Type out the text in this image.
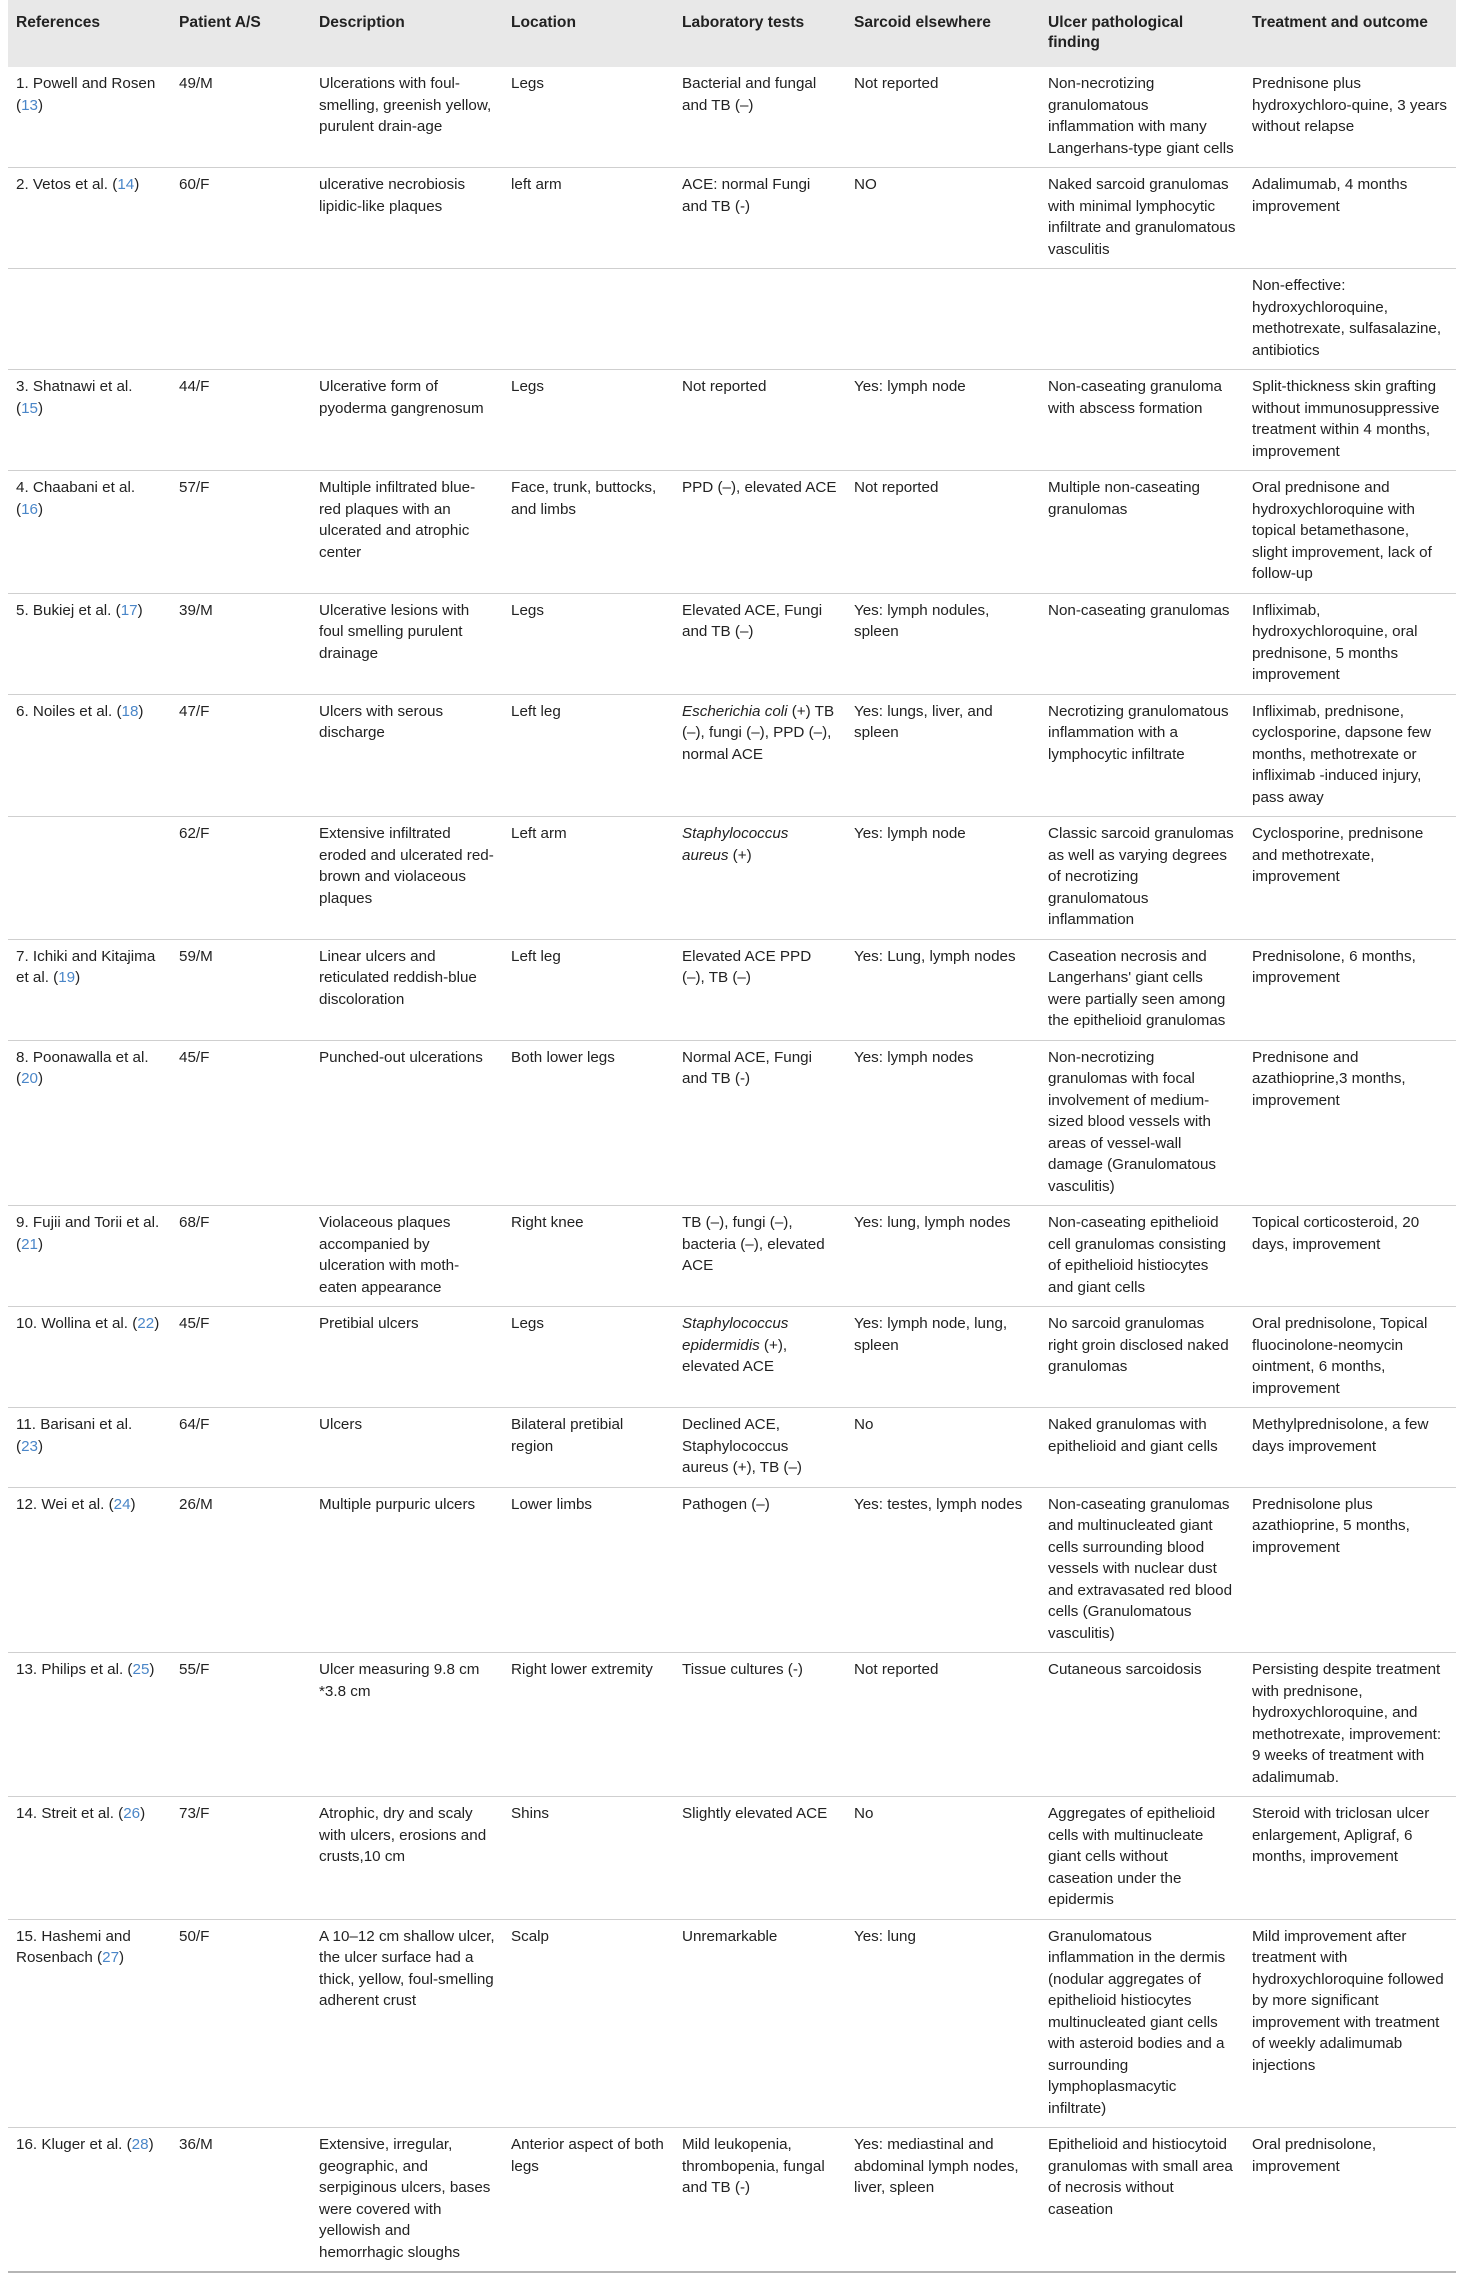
References	Patient A/S	Description	Location	Laboratory tests	Sarcoid elsewhere	Ulcer pathological finding	Treatment and outcome
1. Powell and Rosen (13)	49/M	Ulcerations with foul-smelling, greenish yellow, purulent drain-age	Legs	Bacterial and fungal and TB (–)	Not reported	Non-necrotizing granulomatous inflammation with many Langerhans-type giant cells	Prednisone plus hydroxychloro-quine, 3 years without relapse
2. Vetos et al. (14)	60/F	ulcerative necrobiosis lipidic-like plaques	left arm	ACE: normal Fungi and TB (-)	NO	Naked sarcoid granulomas with minimal lymphocytic infiltrate and granulomatous vasculitis	Adalimumab, 4 months improvement
							Non-effective: hydroxychloroquine, methotrexate, sulfasalazine, antibiotics
3. Shatnawi et al. (15)	44/F	Ulcerative form of pyoderma gangrenosum	Legs	Not reported	Yes: lymph node	Non-caseating granuloma with abscess formation	Split-thickness skin grafting without immunosuppressive treatment within 4 months, improvement
4. Chaabani et al. (16)	57/F	Multiple infiltrated blue-red plaques with an ulcerated and atrophic center	Face, trunk, buttocks, and limbs	PPD (–), elevated ACE	Not reported	Multiple non-caseating granulomas	Oral prednisone and hydroxychloroquine with topical betamethasone, slight improvement, lack of follow-up
5. Bukiej et al. (17)	39/M	Ulcerative lesions with foul smelling purulent drainage	Legs	Elevated ACE, Fungi and TB (–)	Yes: lymph nodules, spleen	Non-caseating granulomas	Infliximab, hydroxychloroquine, oral prednisone, 5 months improvement
6. Noiles et al. (18)	47/F	Ulcers with serous discharge	Left leg	Escherichia coli (+) TB (–), fungi (–), PPD (–), normal ACE	Yes: lungs, liver, and spleen	Necrotizing granulomatous inflammation with a lymphocytic infiltrate	Infliximab, prednisone, cyclosporine, dapsone few months, methotrexate or infliximab -induced injury, pass away
	62/F	Extensive infiltrated eroded and ulcerated red-brown and violaceous plaques	Left arm	Staphylococcus aureus (+)	Yes: lymph node	Classic sarcoid granulomas as well as varying degrees of necrotizing granulomatous inflammation	Cyclosporine, prednisone and methotrexate, improvement
7. Ichiki and Kitajima et al. (19)	59/M	Linear ulcers and reticulated reddish-blue discoloration	Left leg	Elevated ACE PPD (–), TB (–)	Yes: Lung, lymph nodes	Caseation necrosis and Langerhans' giant cells were partially seen among the epithelioid granulomas	Prednisolone, 6 months, improvement
8. Poonawalla et al. (20)	45/F	Punched-out ulcerations	Both lower legs	Normal ACE, Fungi and TB (-)	Yes: lymph nodes	Non-necrotizing granulomas with focal involvement of medium-sized blood vessels with areas of vessel-wall damage (Granulomatous vasculitis)	Prednisone and azathioprine,3 months, improvement
9. Fujii and Torii et al. (21)	68/F	Violaceous plaques accompanied by ulceration with moth-eaten appearance	Right knee	TB (–), fungi (–), bacteria (–), elevated ACE	Yes: lung, lymph nodes	Non-caseating epithelioid cell granulomas consisting of epithelioid histiocytes and giant cells	Topical corticosteroid, 20 days, improvement
10. Wollina et al. (22)	45/F	Pretibial ulcers	Legs	Staphylococcus epidermidis (+), elevated ACE	Yes: lymph node, lung, spleen	No sarcoid granulomas right groin disclosed naked granulomas	Oral prednisolone, Topical fluocinolone-neomycin ointment, 6 months, improvement
11. Barisani et al. (23)	64/F	Ulcers	Bilateral pretibial region	Declined ACE, Staphylococcus aureus (+), TB (–)	No	Naked granulomas with epithelioid and giant cells	Methylprednisolone, a few days improvement
12. Wei et al. (24)	26/M	Multiple purpuric ulcers	Lower limbs	Pathogen (–)	Yes: testes, lymph nodes	Non-caseating granulomas and multinucleated giant cells surrounding blood vessels with nuclear dust and extravasated red blood cells (Granulomatous vasculitis)	Prednisolone plus azathioprine, 5 months, improvement
13. Philips et al. (25)	55/F	Ulcer measuring 9.8 cm *3.8 cm	Right lower extremity	Tissue cultures (-)	Not reported	Cutaneous sarcoidosis	Persisting despite treatment with prednisone, hydroxychloroquine, and methotrexate, improvement: 9 weeks of treatment with adalimumab.
14. Streit et al. (26)	73/F	Atrophic, dry and scaly with ulcers, erosions and crusts,10 cm	Shins	Slightly elevated ACE	No	Aggregates of epithelioid cells with multinucleate giant cells without caseation under the epidermis	Steroid with triclosan ulcer enlargement, Apligraf, 6 months, improvement
15. Hashemi and Rosenbach (27)	50/F	A 10–12 cm shallow ulcer, the ulcer surface had a thick, yellow, foul-smelling adherent crust	Scalp	Unremarkable	Yes: lung	Granulomatous inflammation in the dermis (nodular aggregates of epithelioid histiocytes multinucleated giant cells with asteroid bodies and a surrounding lymphoplasmacytic infiltrate)	Mild improvement after treatment with hydroxychloroquine followed by more significant improvement with treatment of weekly adalimumab injections
16. Kluger et al. (28)	36/M	Extensive, irregular, geographic, and serpiginous ulcers, bases were covered with yellowish and hemorrhagic sloughs	Anterior aspect of both legs	Mild leukopenia, thrombopenia, fungal and TB (-)	Yes: mediastinal and abdominal lymph nodes, liver, spleen	Epithelioid and histiocytoid granulomas with small area of necrosis without caseation	Oral prednisolone, improvement
